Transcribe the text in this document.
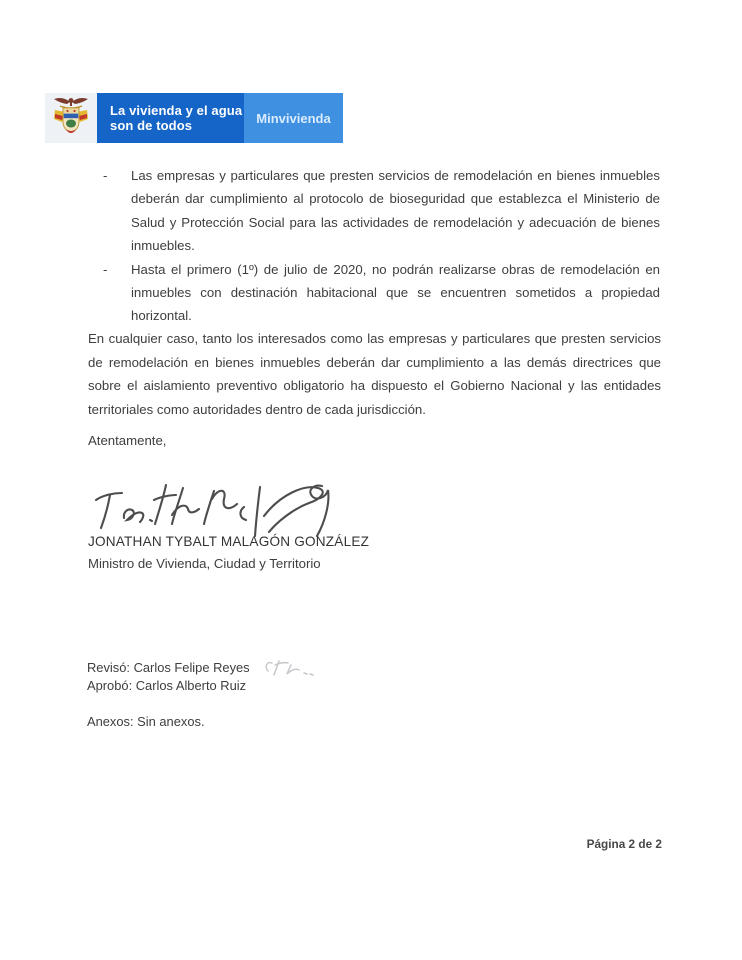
La vivienda y el agua
son de todos	Minvivienda
-	Las empresas y particulares que presten servicios de remodelación en bienes inmuebles deberán dar cumplimiento al protocolo de bioseguridad que establezca el Ministerio de Salud y Protección Social para las actividades de remodelación y adecuación de bienes inmuebles.
-	Hasta el primero (1º) de julio de 2020, no podrán realizarse obras de remodelación en inmuebles con destinación habitacional que se encuentren sometidos a propiedad horizontal.

En cualquier caso, tanto los interesados como las empresas y particulares que presten servicios de remodelación en bienes inmuebles deberán dar cumplimiento a las demás directrices que sobre el aislamiento preventivo obligatorio ha dispuesto el Gobierno Nacional y las entidades territoriales como autoridades dentro de cada jurisdicción.

Atentamente,

JONATHAN TYBALT MALAGÓN GONZÁLEZ

Ministro de Vivienda, Ciudad y Territorio

Revisó: Carlos Felipe Reyes

Aprobó: Carlos Alberto Ruiz

Anexos: Sin anexos.

Página 2 de 2
